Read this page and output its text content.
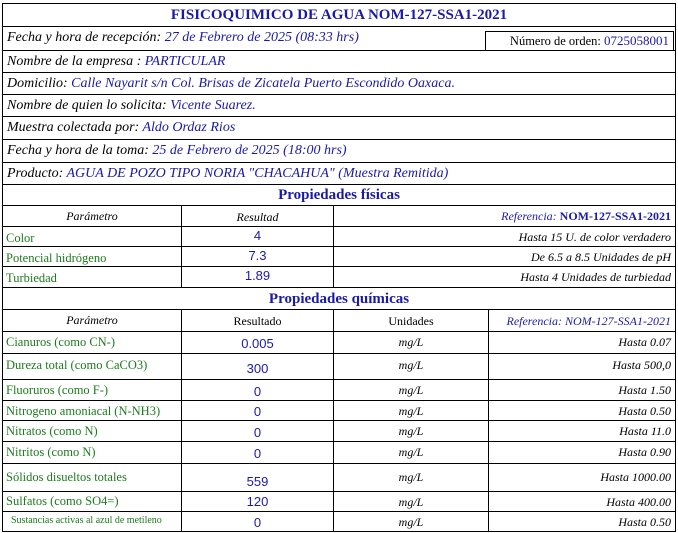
FISICOQUIMICO DE AGUA NOM-127-SSA1-2021
Fecha y hora de recepción: 27 de Febrero de 2025 (08:33 hrs)	Número de orden: 0725058001
Nombre de la empresa : PARTICULAR
Domicilio: Calle Nayarit s/n Col. Brisas de Zicatela Puerto Escondido Oaxaca.
Nombre de quien lo solicita: Vicente Suarez.
Muestra colectada por: Aldo Ordaz Rios
Fecha y hora de la toma: 25 de Febrero de 2025 (18:00 hrs)
Producto: AGUA DE POZO TIPO NORIA "CHACAHUA" (Muestra Remitida)
Propiedades físicas
Parámetro	Resultad	Referencia: NOM-127-SSA1-2021
Color	4	Hasta 15 U. de color verdadero
Potencial hidrógeno	7.3	De 6.5 a 8.5 Unidades de pH
Turbiedad	1.89	Hasta 4 Unidades de turbiedad
Propiedades químicas
Parámetro	Resultado	Unidades	Referencia: NOM-127-SSA1-2021
Cianuros (como CN-)	0.005	mg/L	Hasta 0.07
Dureza total (como CaCO3)	300	mg/L	Hasta 500,0
Fluoruros (como F-)	0	mg/L	Hasta 1.50
Nitrogeno amoniacal (N-NH3)	0	mg/L	Hasta 0.50
Nitratos (como N)	0	mg/L	Hasta 11.0
Nitritos (como N)	0	mg/L	Hasta 0.90
Sólidos disueltos totales	559	mg/L	Hasta 1000.00
Sulfatos (como SO4=)	120	mg/L	Hasta 400.00
Sustancias activas al azul de metileno	0	mg/L	Hasta 0.50
